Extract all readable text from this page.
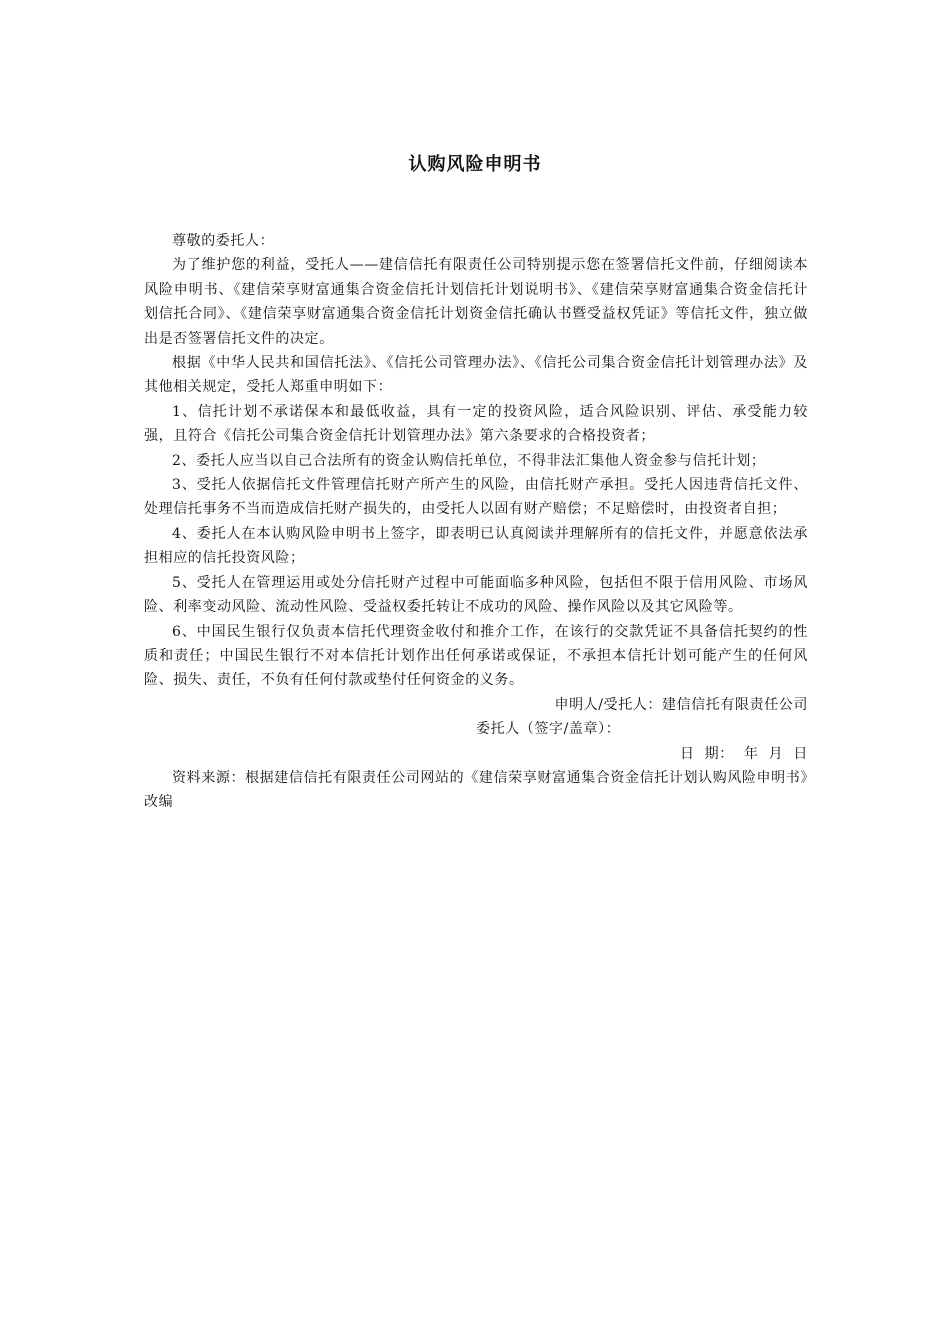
认购风险申明书

尊敬的委托人：

为了维护您的利益，受托人——建信信托有限责任公司特别提示您在签署信托文件前，仔细阅读本风险申明书、《建信荣享财富通集合资金信托计划信托计划说明书》、《建信荣享财富通集合资金信托计划信托合同》、《建信荣享财富通集合资金信托计划资金信托确认书暨受益权凭证》等信托文件，独立做出是否签署信托文件的决定。

根据《中华人民共和国信托法》、《信托公司管理办法》、《信托公司集合资金信托计划管理办法》及其他相关规定，受托人郑重申明如下：

1、信托计划不承诺保本和最低收益，具有一定的投资风险，适合风险识别、评估、承受能力较强，且符合《信托公司集合资金信托计划管理办法》第六条要求的合格投资者；

2、委托人应当以自己合法所有的资金认购信托单位，不得非法汇集他人资金参与信托计划；

3、受托人依据信托文件管理信托财产所产生的风险，由信托财产承担。受托人因违背信托文件、处理信托事务不当而造成信托财产损失的，由受托人以固有财产赔偿；不足赔偿时，由投资者自担；

4、委托人在本认购风险申明书上签字，即表明已认真阅读并理解所有的信托文件，并愿意依法承担相应的信托投资风险；

5、受托人在管理运用或处分信托财产过程中可能面临多种风险，包括但不限于信用风险、市场风险、利率变动风险、流动性风险、受益权委托转让不成功的风险、操作风险以及其它风险等。

6、中国民生银行仅负责本信托代理资金收付和推介工作，在该行的交款凭证不具备信托契约的性质和责任；中国民生银行不对本信托计划作出任何承诺或保证，不承担本信托计划可能产生的任何风险、损失、责任，不负有任何付款或垫付任何资金的义务。

申明人/受托人：建信信托有限责任公司

委托人（签字/盖章）：

日  期：  年  月  日

资料来源：根据建信信托有限责任公司网站的《建信荣享财富通集合资金信托计划认购风险申明书》改编
